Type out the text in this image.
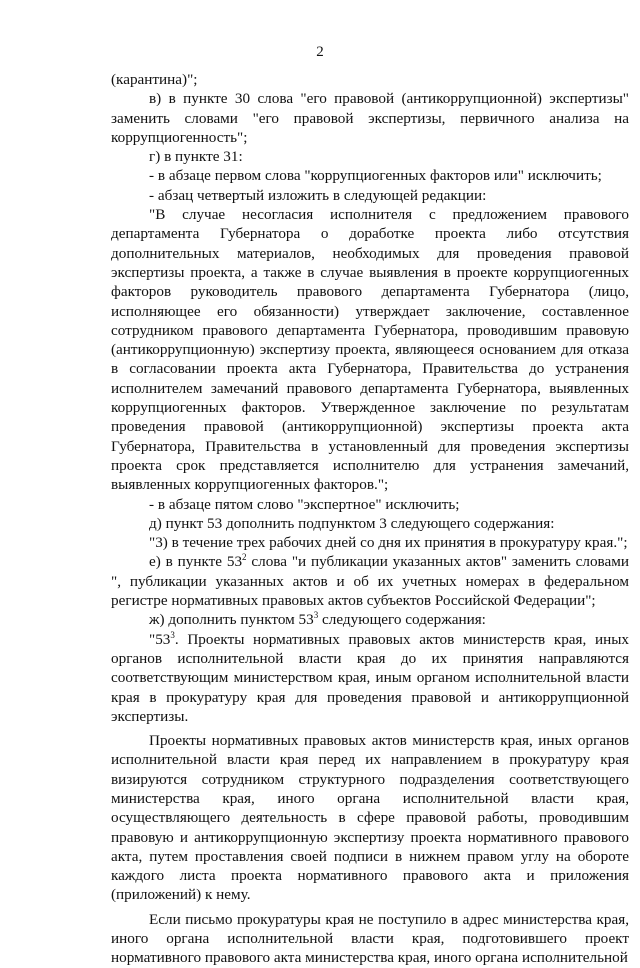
2

(карантина)";

в) в пункте 30 слова "его правовой (антикоррупционной) экспертизы" заменить словами "его правовой экспертизы, первичного анализа на коррупциогенность";

г) в пункте 31:

- в абзаце первом слова "коррупциогенных факторов или" исключить;

- абзац четвертый изложить в следующей редакции:

"В случае несогласия исполнителя с предложением правового департамента Губернатора о доработке проекта либо отсутствия дополнительных материалов, необходимых для проведения правовой экспертизы проекта, а также в случае выявления в проекте коррупциогенных факторов руководитель правового департамента Губернатора (лицо, исполняющее его обязанности) утверждает заключение, составленное сотрудником правового департамента Губернатора, проводившим правовую (антикоррупционную) экспертизу проекта, являющееся основанием для отказа в согласовании проекта акта Губернатора, Правительства до устранения исполнителем замечаний правового департамента Губернатора, выявленных коррупциогенных факторов. Утвержденное заключение по результатам проведения правовой (антикоррупционной) экспертизы проекта акта Губернатора, Правительства в установленный для проведения экспертизы проекта срок представляется исполнителю для устранения замечаний, выявленных коррупциогенных факторов.";

- в абзаце пятом слово "экспертное" исключить;

д) пункт 53 дополнить подпунктом 3 следующего содержания:

"3) в течение трех рабочих дней со дня их принятия в прокуратуру края.";

е) в пункте $53^2$ слова "и публикации указанных актов" заменить словами ", публикации указанных актов и об их учетных номерах в федеральном регистре нормативных правовых актов субъектов Российской Федерации";

ж) дополнить пунктом $53^3$ следующего содержания:

"$53^3$. Проекты нормативных правовых актов министерств края, иных органов исполнительной власти края до их принятия направляются соответствующим министерством края, иным органом исполнительной власти края в прокуратуру края для проведения правовой и антикоррупционной экспертизы.

Проекты нормативных правовых актов министерств края, иных органов исполнительной власти края перед их направлением в прокуратуру края визируются сотрудником структурного подразделения соответствующего министерства края, иного органа исполнительной власти края, осуществляющего деятельность в сфере правовой работы, проводившим правовую и антикоррупционную экспертизу проекта нормативного правового акта, путем проставления своей подписи в нижнем правом углу на обороте каждого листа проекта нормативного правового акта и приложения (приложений) к нему.

Если письмо прокуратуры края не поступило в адрес министерства края, иного органа исполнительной власти края, подготовившего проект нормативного правового акта министерства края, иного органа исполнительной
